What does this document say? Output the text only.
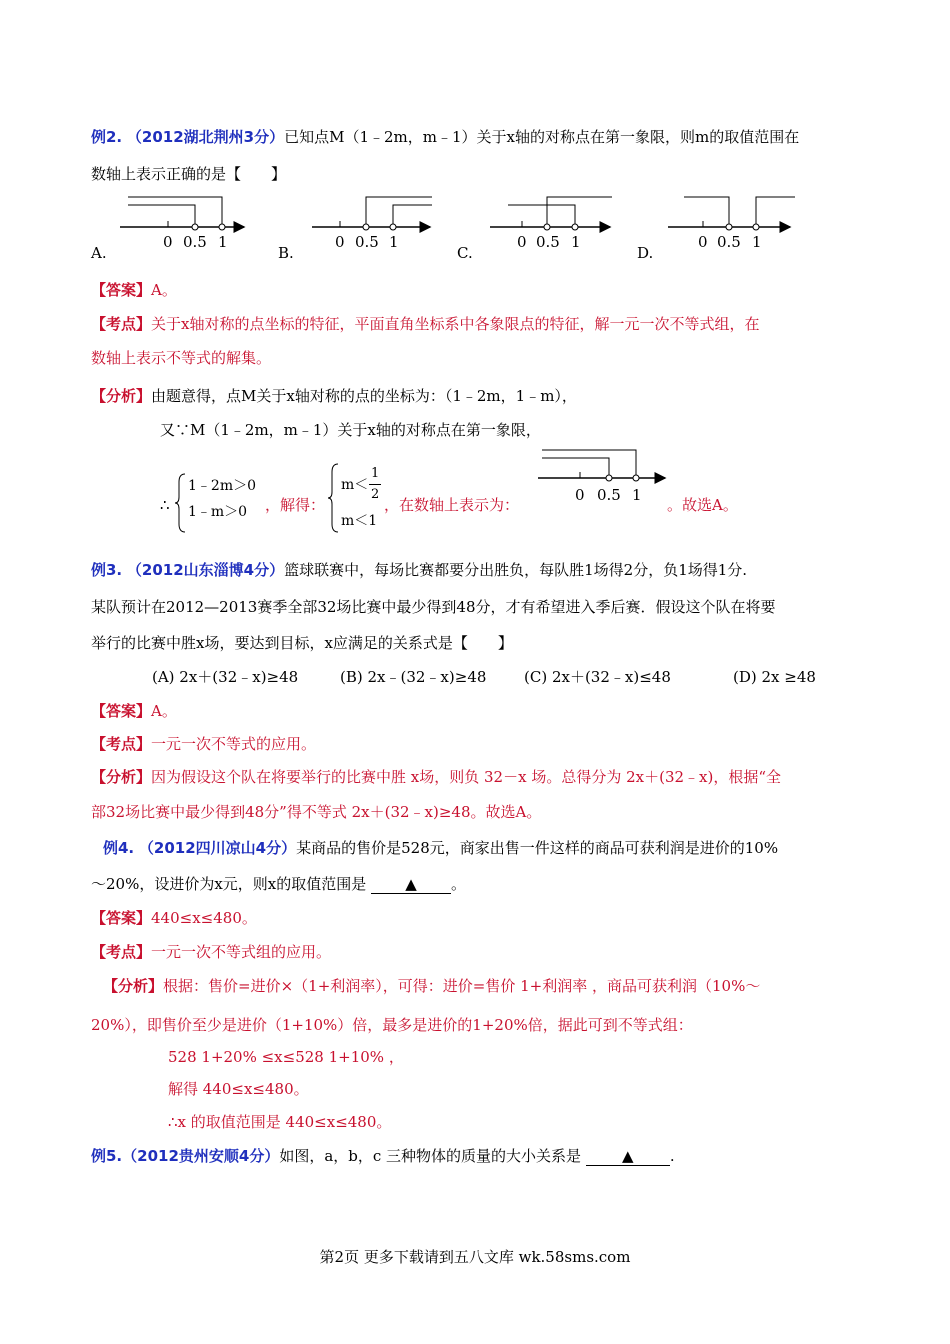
例2. （2012湖北荆州3分）已知点M（1﹣2m，m﹣1）关于x轴的对称点在第一象限，则m的取值范围在
数轴上表示正确的是【　　】
0 0.5 1	0 0.5 1	0 0.5 1	0 0.5 1
A.	B.	C.	D.
【答案】A。
【考点】关于x轴对称的点坐标的特征，平面直角坐标系中各象限点的特征，解一元一次不等式组，在
数轴上表示不等式的解集。
【分析】由题意得，点M关于x轴对称的点的坐标为：（1﹣2m，1﹣m），
又∵M（1﹣2m，m﹣1）关于x轴的对称点在第一象限，
∴
1﹣2m＞0
1﹣m＞0 ，解得：
m＜
1
2
m＜1
，在数轴上表示为：
0 0.5 1
。故选A。
例3. （2012山东淄博4分）篮球联赛中，每场比赛都要分出胜负，每队胜1场得2分，负1场得1分.
某队预计在2012—2013赛季全部32场比赛中最少得到48分，才有希望进入季后赛．假设这个队在将要
举行的比赛中胜x场，要达到目标，x应满足的关系式是【　　】
(A) 2x＋(32﹣x)≥48	(B) 2x﹣(32﹣x)≥48	(C) 2x＋(32﹣x)≤48	(D) 2x ≥48
【答案】A。
【考点】一元一次不等式的应用。
【分析】因为假设这个队在将要举行的比赛中胜 x场，则负 32－x 场。总得分为 2x＋(32﹣x)，根据“全
部32场比赛中最少得到48分”得不等式 2x＋(32﹣x)≥48。故选A。
例4. （2012四川凉山4分）某商品的售价是528元，商家出售一件这样的商品可获利润是进价的10%
～20%，设进价为x元，则x的取值范围是	▲ 。
【答案】440≤x≤480。
【考点】一元一次不等式组的应用。
【分析】根据：售价=进价×（1+利润率），可得：进价=售价 1+利润率 ，商品可获利润（10%～
20%），即售价至少是进价（1+10%）倍，最多是进价的1+20%倍，据此可到不等式组：
528 1+20% ≤x≤528 1+10% ，
解得 440≤x≤480。
∴x 的取值范围是 440≤x≤480。
例5.（2012贵州安顺4分）如图，a，b，c 三种物体的质量的大小关系是	▲ .
第2页 更多下载请到五八文库 wk.58sms.com
